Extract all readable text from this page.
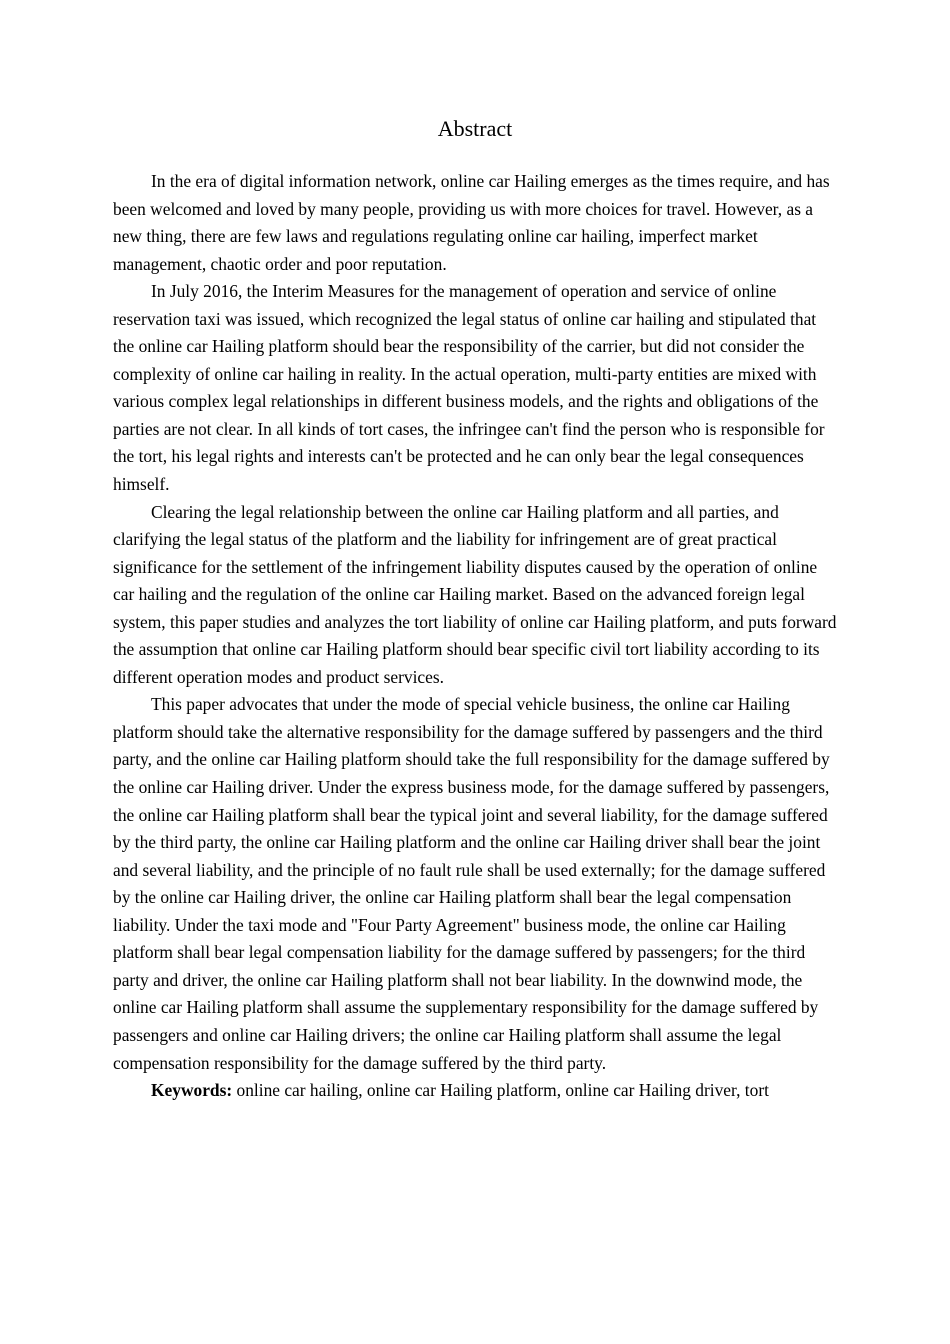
Abstract

In the era of digital information network, online car Hailing emerges as the times require, and has been welcomed and loved by many people, providing us with more choices for travel. However, as a new thing, there are few laws and regulations regulating online car hailing, imperfect market management, chaotic order and poor reputation.

In July 2016, the Interim Measures for the management of operation and service of online reservation taxi was issued, which recognized the legal status of online car hailing and stipulated that the online car Hailing platform should bear the responsibility of the carrier, but did not consider the complexity of online car hailing in reality. In the actual operation, multi-party entities are mixed with various complex legal relationships in different business models, and the rights and obligations of the parties are not clear. In all kinds of tort cases, the infringee can't find the person who is responsible for the tort, his legal rights and interests can't be protected and he can only bear the legal consequences himself.

Clearing the legal relationship between the online car Hailing platform and all parties, and clarifying the legal status of the platform and the liability for infringement are of great practical significance for the settlement of the infringement liability disputes caused by the operation of online car hailing and the regulation of the online car Hailing market. Based on the advanced foreign legal system, this paper studies and analyzes the tort liability of online car Hailing platform, and puts forward the assumption that online car Hailing platform should bear specific civil tort liability according to its different operation modes and product services.

This paper advocates that under the mode of special vehicle business, the online car Hailing platform should take the alternative responsibility for the damage suffered by passengers and the third party, and the online car Hailing platform should take the full responsibility for the damage suffered by the online car Hailing driver. Under the express business mode, for the damage suffered by passengers, the online car Hailing platform shall bear the typical joint and several liability, for the damage suffered by the third party, the online car Hailing platform and the online car Hailing driver shall bear the joint and several liability, and the principle of no fault rule shall be used externally; for the damage suffered by the online car Hailing driver, the online car Hailing platform shall bear the legal compensation liability. Under the taxi mode and "Four Party Agreement" business mode, the online car Hailing platform shall bear legal compensation liability for the damage suffered by passengers; for the third party and driver, the online car Hailing platform shall not bear liability. In the downwind mode, the online car Hailing platform shall assume the supplementary responsibility for the damage suffered by passengers and online car Hailing drivers; the online car Hailing platform shall assume the legal compensation responsibility for the damage suffered by the third party.

Keywords: online car hailing, online car Hailing platform, online car Hailing driver, tort
